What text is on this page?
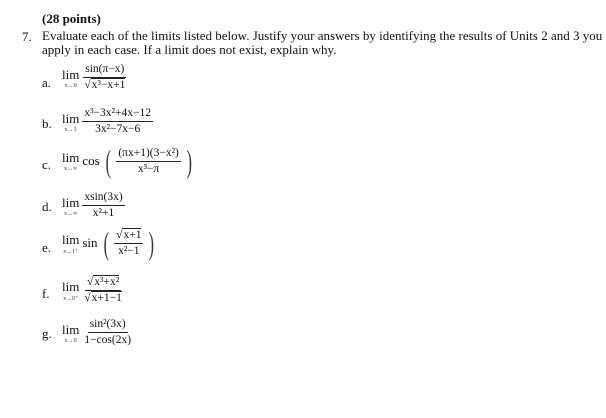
(28 points)
7. Evaluate each of the limits listed below. Justify your answers by identifying the results of Units 2 and 3 you
apply in each case. If a limit does not exist, explain why.
a.
lim
x→0
$\frac{\sin(\pi-x)}{\text{√x³−x+1}}$
b. lim
x→3
$\frac{\text{x³−3x²+4x−12}}{\text{3x²−7x−6}}$
c. lim
x→∞
cos ( $\frac{\text{(πx+1)(3−x²)}}{\text{x³−π}}$ )
d. lim
x→∞
$\frac{xsin(3x)}{\text{x²+1}}$
e.
lim
x→1⁺
sin ( $\frac{√x+1}{\text{x²−1}}$ )
f. lim
x→0⁺
$\frac{\text{√x³+x²}}{√x+1-1}$
g. lim
x→0
$\frac{\text{sin²(3x)}}{1-\cos(2x)}$
